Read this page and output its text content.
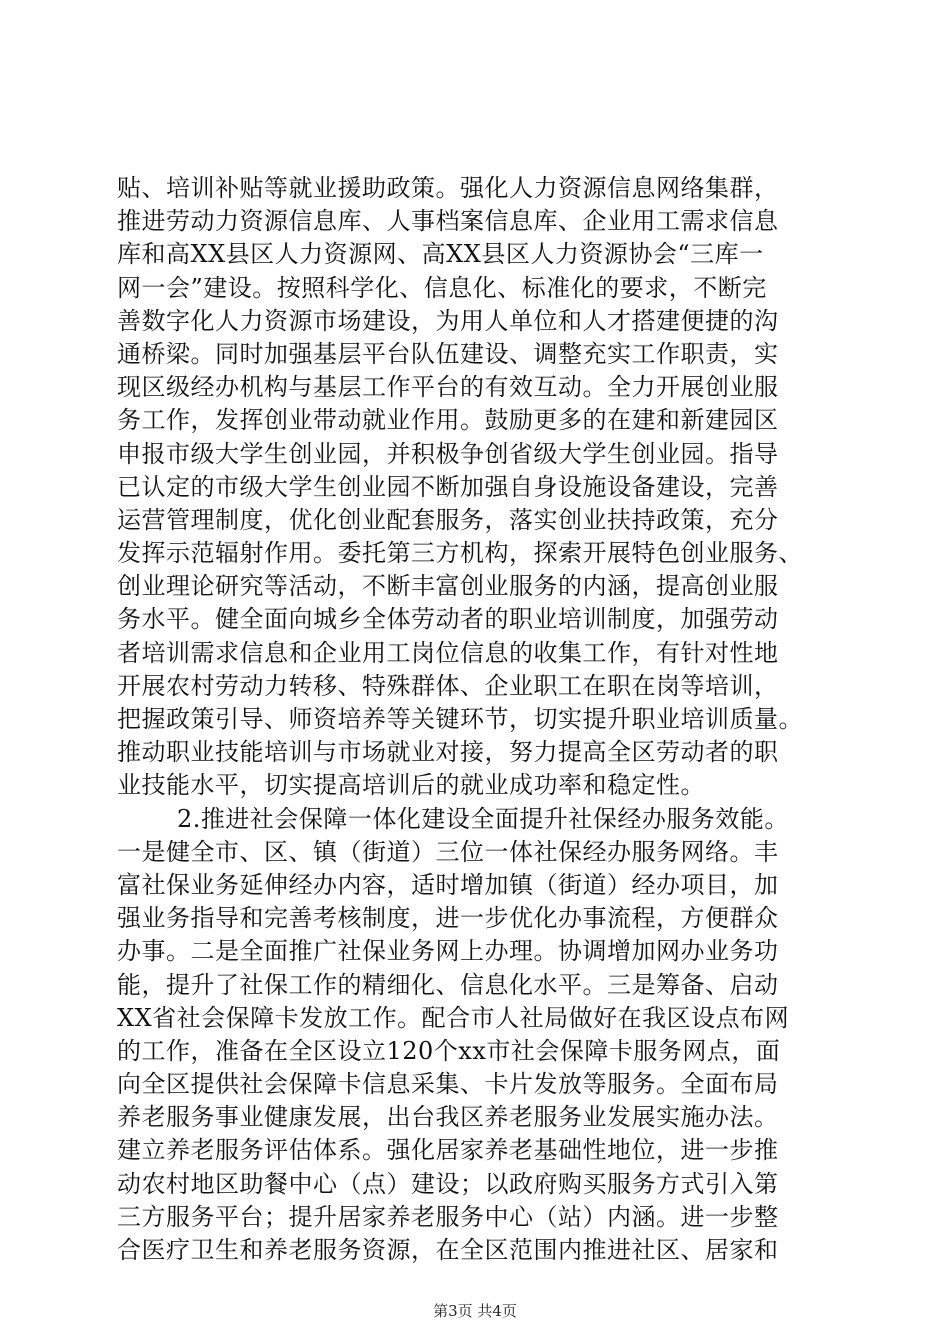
贴、培训补贴等就业援助政策。强化人力资源信息网络集群，
推进劳动力资源信息库、人事档案信息库、企业用工需求信息
库和高XX县区人力资源网、高XX县区人力资源协会“三库一
网一会”建设。按照科学化、信息化、标准化的要求，不断完
善数字化人力资源市场建设，为用人单位和人才搭建便捷的沟
通桥梁。同时加强基层平台队伍建设、调整充实工作职责，实
现区级经办机构与基层工作平台的有效互动。全力开展创业服
务工作，发挥创业带动就业作用。鼓励更多的在建和新建园区
申报市级大学生创业园，并积极争创省级大学生创业园。指导
已认定的市级大学生创业园不断加强自身设施设备建设，完善
运营管理制度，优化创业配套服务，落实创业扶持政策，充分
发挥示范辐射作用。委托第三方机构，探索开展特色创业服务、
创业理论研究等活动，不断丰富创业服务的内涵，提高创业服
务水平。健全面向城乡全体劳动者的职业培训制度，加强劳动
者培训需求信息和企业用工岗位信息的收集工作，有针对性地
开展农村劳动力转移、特殊群体、企业职工在职在岗等培训，
把握政策引导、师资培养等关键环节，切实提升职业培训质量。
推动职业技能培训与市场就业对接，努力提高全区劳动者的职
业技能水平，切实提高培训后的就业成功率和稳定性。
2.推进社会保障一体化建设全面提升社保经办服务效能。
一是健全市、区、镇（街道）三位一体社保经办服务网络。丰
富社保业务延伸经办内容，适时增加镇（街道）经办项目，加
强业务指导和完善考核制度，进一步优化办事流程，方便群众
办事。二是全面推广社保业务网上办理。协调增加网办业务功
能，提升了社保工作的精细化、信息化水平。三是筹备、启动
XX省社会保障卡发放工作。配合市人社局做好在我区设点布网
的工作，准备在全区设立120个xx市社会保障卡服务网点，面
向全区提供社会保障卡信息采集、卡片发放等服务。全面布局
养老服务事业健康发展，出台我区养老服务业发展实施办法。
建立养老服务评估体系。强化居家养老基础性地位，进一步推
动农村地区助餐中心（点）建设；以政府购买服务方式引入第
三方服务平台；提升居家养老服务中心（站）内涵。进一步整
合医疗卫生和养老服务资源，在全区范围内推进社区、居家和
第3页 共4页
